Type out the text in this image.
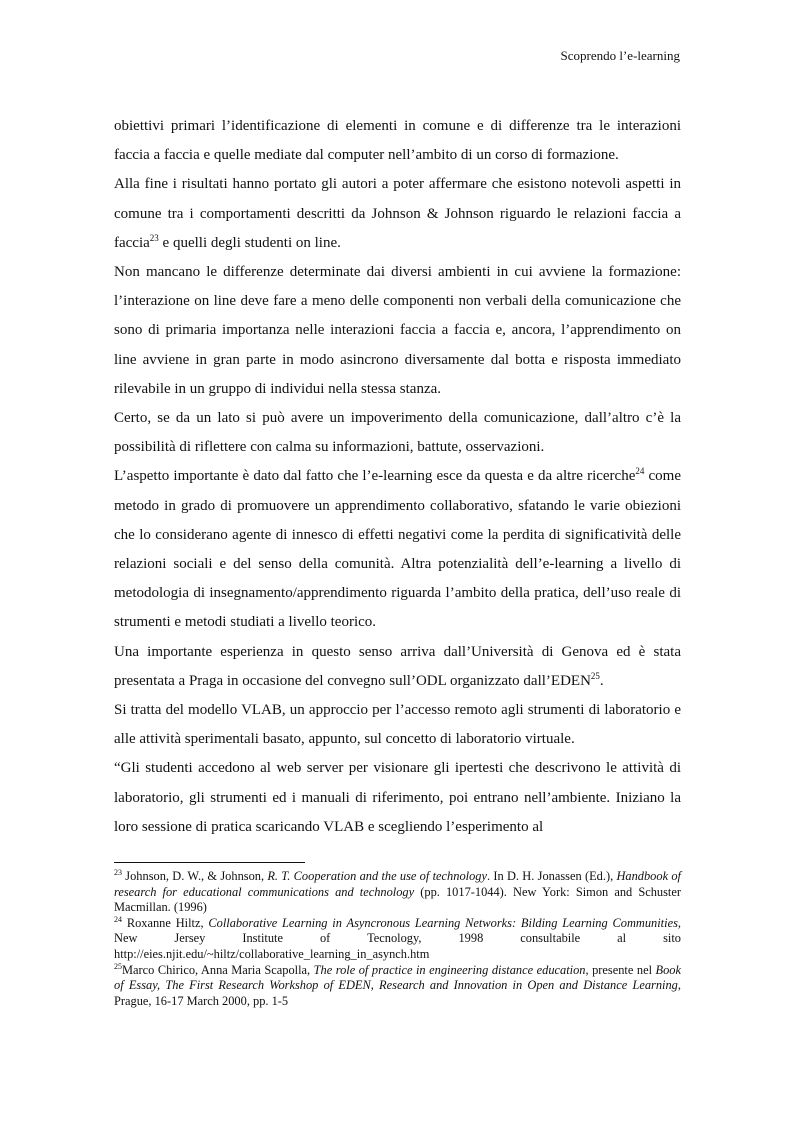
Scoprendo l’e-learning

obiettivi primari l’identificazione di elementi in comune e di differenze tra le interazioni faccia a faccia e quelle mediate dal computer nell’ambito di un corso di formazione.

Alla fine i risultati hanno portato gli autori a poter affermare che esistono notevoli aspetti in comune tra i comportamenti descritti da Johnson & Johnson riguardo le relazioni faccia a faccia$^{23}$ e quelli degli studenti on line.

Non mancano le differenze determinate dai diversi ambienti in cui avviene la formazione: l’interazione on line deve fare a meno delle componenti non verbali della comunicazione che sono di primaria importanza nelle interazioni faccia a faccia e, ancora, l’apprendimento on line avviene in gran parte in modo asincrono diversamente dal botta e risposta immediato rilevabile in un gruppo di individui nella stessa stanza.

Certo, se da un lato si può avere un impoverimento della comunicazione, dall’altro c’è la possibilità di riflettere con calma su informazioni, battute, osservazioni.

L’aspetto importante è dato dal fatto che l’e-learning esce da questa e da altre ricerche$^{24}$ come metodo in grado di promuovere un apprendimento collaborativo, sfatando le varie obiezioni che lo considerano agente di innesco di effetti negativi come la perdita di significatività delle relazioni sociali e del senso della comunità. Altra potenzialità dell’e-learning a livello di metodologia di insegnamento/apprendimento riguarda l’ambito della pratica, dell’uso reale di strumenti e metodi studiati a livello teorico.

Una importante esperienza in questo senso arriva dall’Università di Genova ed è stata presentata a Praga in occasione del convegno sull’ODL organizzato dall’EDEN$^{25}$.

Si tratta del modello VLAB, un approccio per l’accesso remoto agli strumenti di laboratorio e alle attività sperimentali basato, appunto, sul concetto di laboratorio virtuale.

“Gli studenti accedono al web server per visionare gli ipertesti che descrivono le attività di laboratorio, gli strumenti ed i manuali di riferimento, poi entrano nell’ambiente. Iniziano la loro sessione di pratica scaricando VLAB e scegliendo l’esperimento al

$^{23}$ Johnson, D. W., & Johnson, R. T. Cooperation and the use of technology. In D. H. Jonassen (Ed.), Handbook of research for educational communications and technology (pp. 1017-1044). New York: Simon and Schuster Macmillan. (1996)

$^{24}$ Roxanne Hiltz, Collaborative Learning in Asyncronous Learning Networks: Bilding Learning Communities, New Jersey Institute of Tecnology, 1998 consultabile al sito http://eies.njit.edu/~hiltz/collaborative_learning_in_asynch.htm

$^{25}$Marco Chirico, Anna Maria Scapolla, The role of practice in engineering distance education, presente nel Book of Essay, The First Research Workshop of EDEN, Research and Innovation in Open and Distance Learning, Prague, 16-17 March 2000, pp. 1-5
